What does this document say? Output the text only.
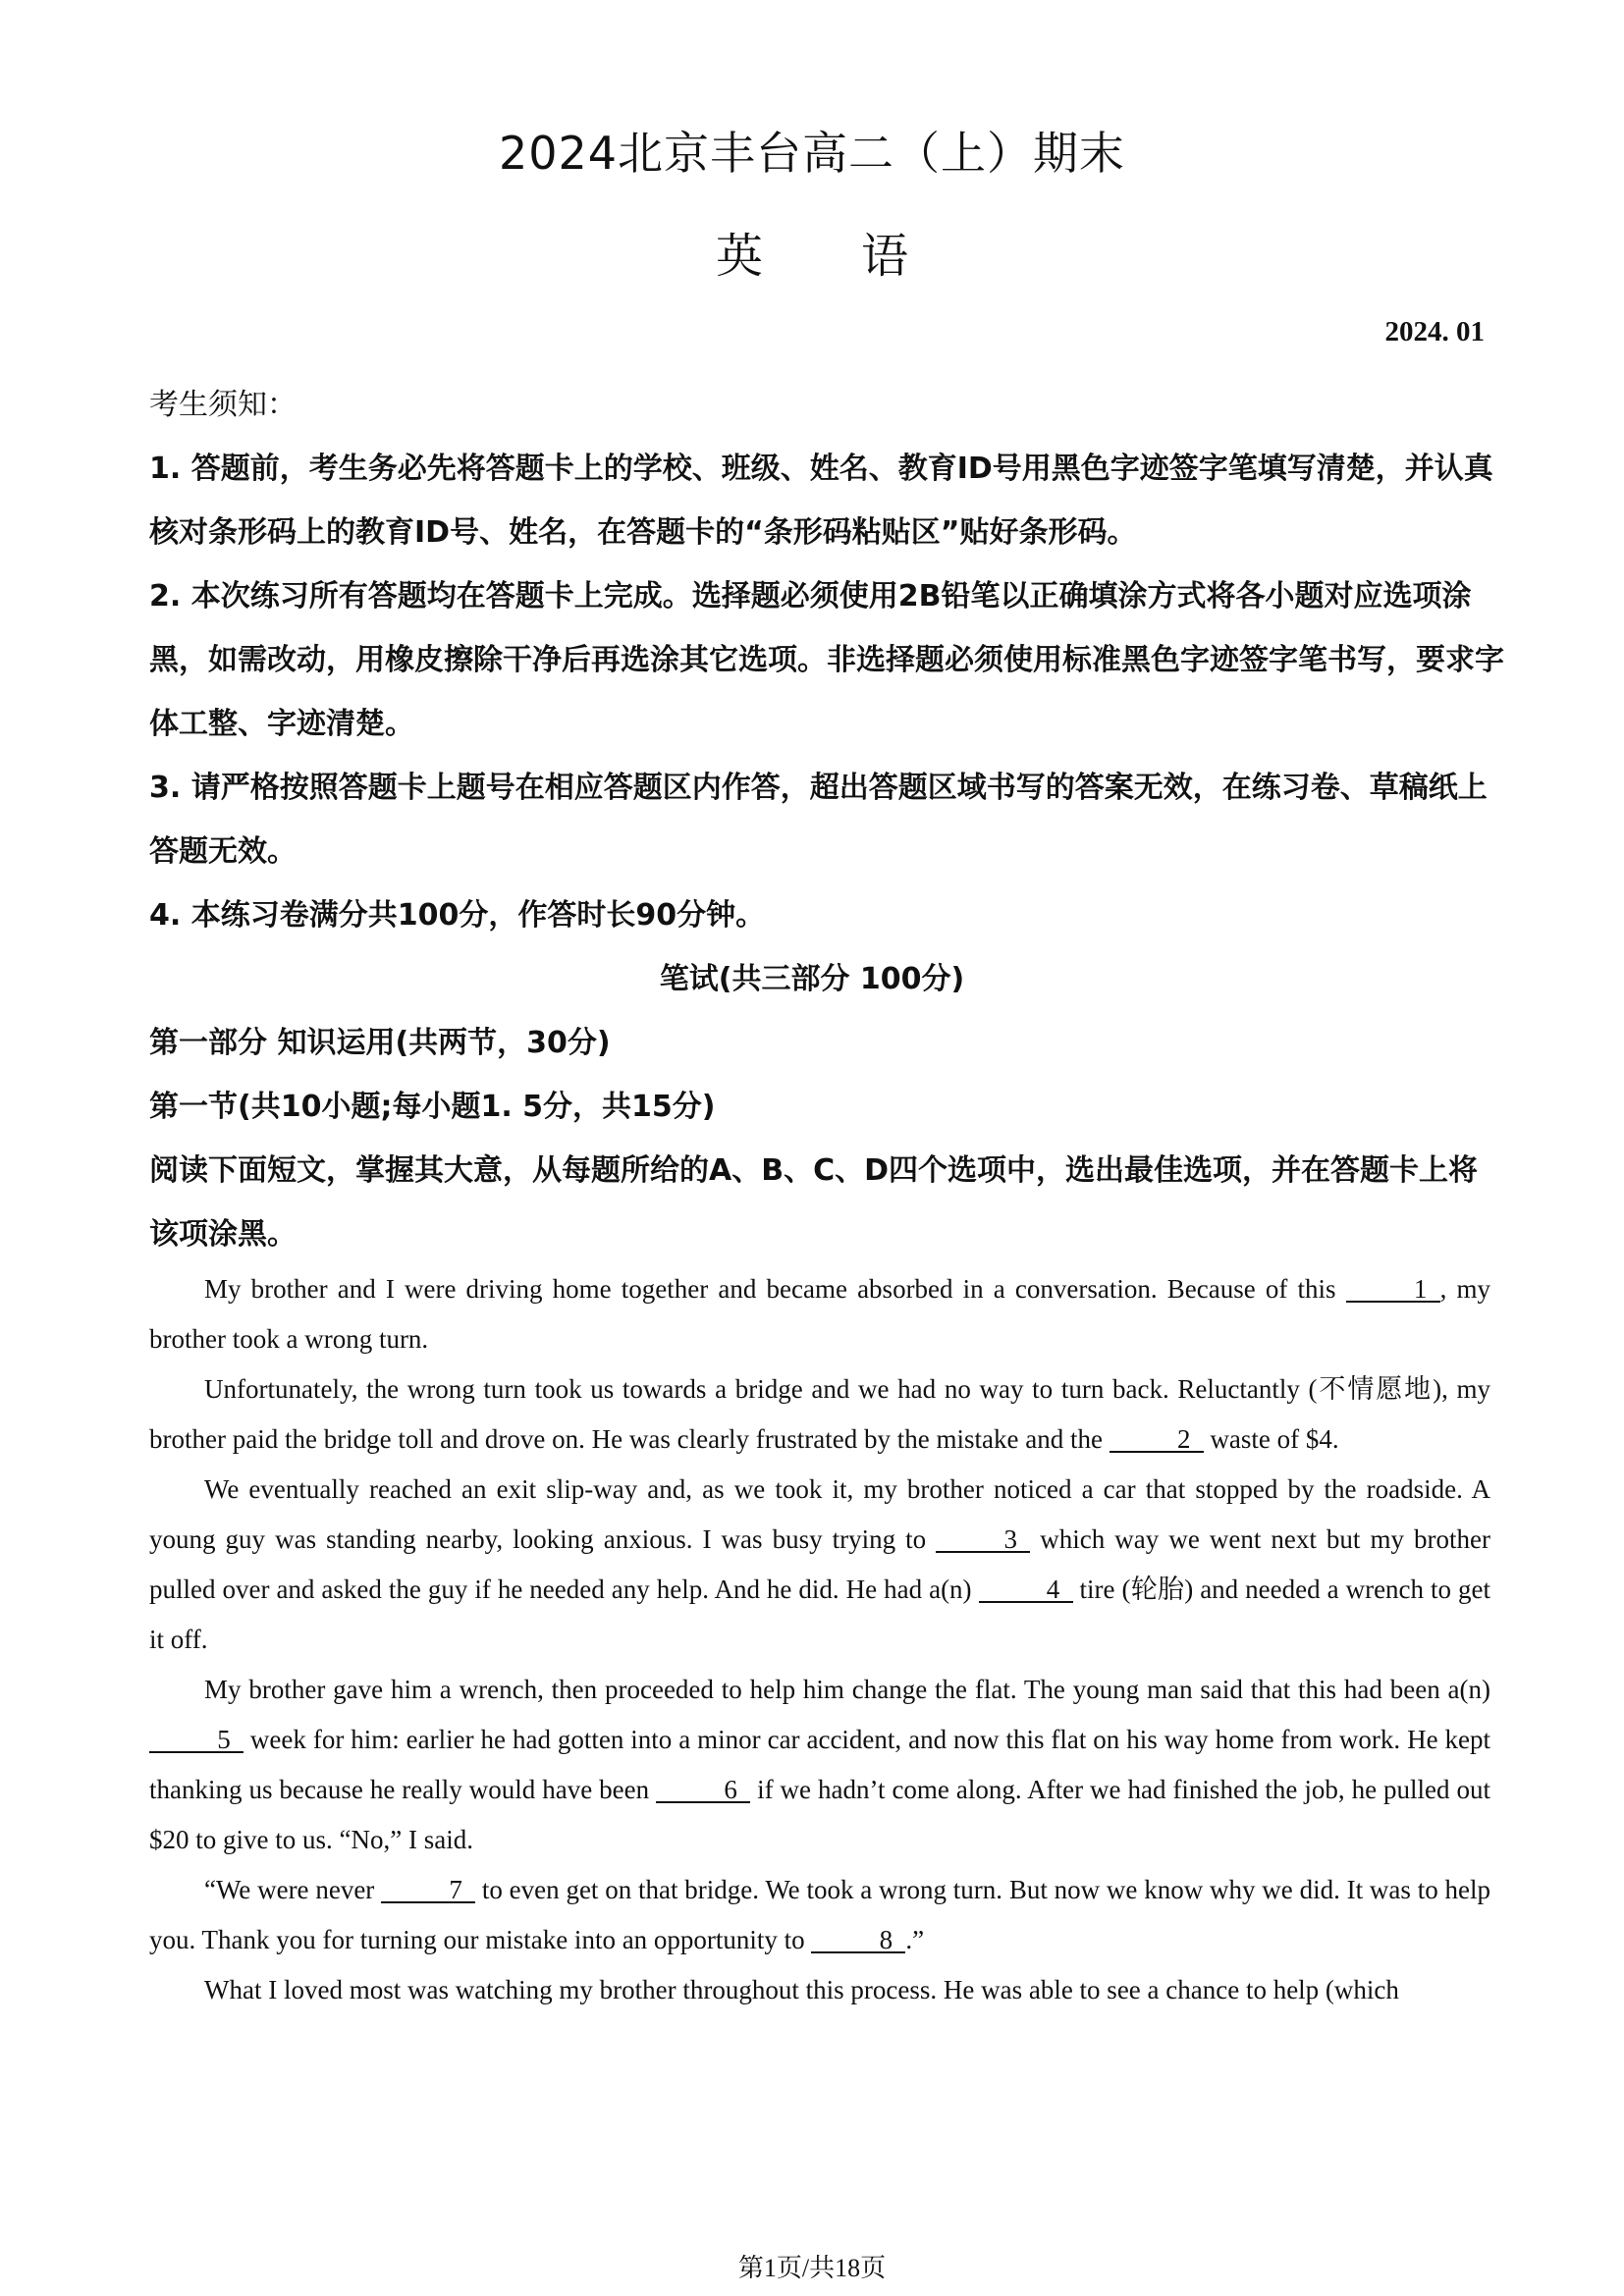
2024北京丰台高二（上）期末
英 语
2024. 01

考生须知：

1. 答题前，考生务必先将答题卡上的学校、班级、姓名、教育ID号用黑色字迹签字笔填写清楚，并认真核对条形码上的教育ID号、姓名，在答题卡的“条形码粘贴区”贴好条形码。

2. 本次练习所有答题均在答题卡上完成。选择题必须使用2B铅笔以正确填涂方式将各小题对应选项涂黑，如需改动，用橡皮擦除干净后再选涂其它选项。非选择题必须使用标准黑色字迹签字笔书写，要求字体工整、字迹清楚。

3. 请严格按照答题卡上题号在相应答题区内作答，超出答题区域书写的答案无效，在练习卷、草稿纸上答题无效。

4. 本练习卷满分共100分，作答时长90分钟。

笔试(共三部分 100分)

第一部分 知识运用(共两节，30分)

第一节(共10小题;每小题1. 5分，共15分)

阅读下面短文，掌握其大意，从每题所给的A、B、C、D四个选项中，选出最佳选项，并在答题卡上将该项涂黑。

My brother and I were driving home together and became absorbed in a conversation. Because of this	1 , my brother took a wrong turn.

Unfortunately, the wrong turn took us towards a bridge and we had no way to turn back. Reluctantly (不情愿地), my brother paid the bridge toll and drove on. He was clearly frustrated by the mistake and the	2 waste of $4.

We eventually reached an exit slip-way and, as we took it, my brother noticed a car that stopped by the roadside. A young guy was standing nearby, looking anxious. I was busy trying to	3 which way we went next but my brother pulled over and asked the guy if he needed any help. And he did. He had a(n)	4 tire (轮胎) and needed a wrench to get it off.

My brother gave him a wrench, then proceeded to help him change the flat. The young man said that this had been a(n) 5 week for him: earlier he had gotten into a minor car accident, and now this flat on his way home from work. He kept thanking us because he really would have been	6 if we hadn’t come along. After we had finished the job, he pulled out $20 to give to us. “No,” I said.

“We were never	7 to even get on that bridge. We took a wrong turn. But now we know why we did. It was to help you. Thank you for turning our mistake into an opportunity to	8 .”

What I loved most was watching my brother throughout this process. He was able to see a chance to help (which

第1页/共18页
